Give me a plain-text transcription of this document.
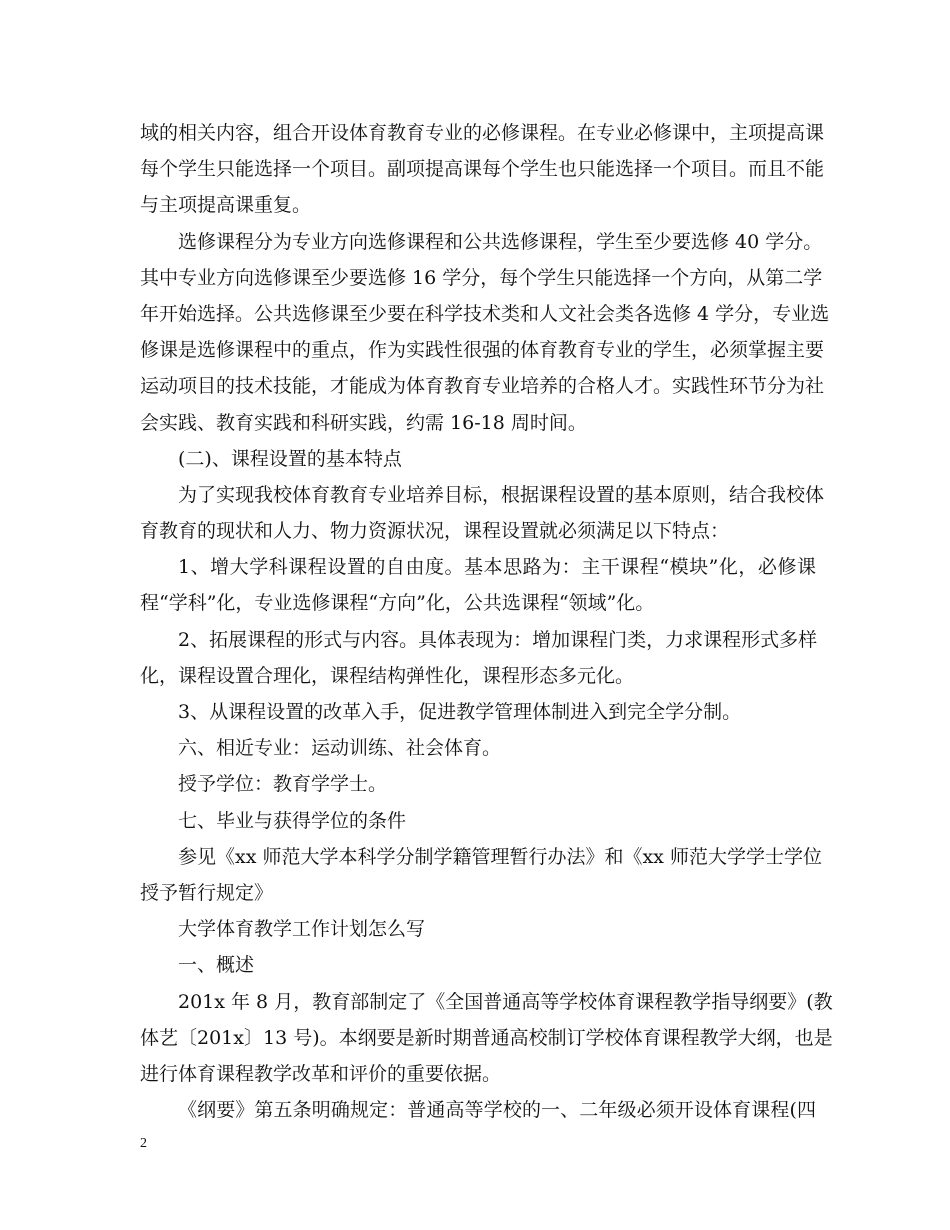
域的相关内容，组合开设体育教育专业的必修课程。在专业必修课中，主项提高课
每个学生只能选择一个项目。副项提高课每个学生也只能选择一个项目。而且不能
与主项提高课重复。
选修课程分为专业方向选修课程和公共选修课程，学生至少要选修 40 学分。
其中专业方向选修课至少要选修 16 学分，每个学生只能选择一个方向，从第二学
年开始选择。公共选修课至少要在科学技术类和人文社会类各选修 4 学分，专业选
修课是选修课程中的重点，作为实践性很强的体育教育专业的学生，必须掌握主要
运动项目的技术技能，才能成为体育教育专业培养的合格人才。实践性环节分为社
会实践、教育实践和科研实践，约需 16-18 周时间。
(二)、课程设置的基本特点
为了实现我校体育教育专业培养目标，根据课程设置的基本原则，结合我校体
育教育的现状和人力、物力资源状况，课程设置就必须满足以下特点：
1、增大学科课程设置的自由度。基本思路为：主干课程“模块”化，必修课
程“学科”化，专业选修课程“方向”化，公共选课程“领域”化。
2、拓展课程的形式与内容。具体表现为：增加课程门类，力求课程形式多样
化，课程设置合理化，课程结构弹性化，课程形态多元化。
3、从课程设置的改革入手，促进教学管理体制进入到完全学分制。
六、相近专业：运动训练、社会体育。
授予学位：教育学学士。
七、毕业与获得学位的条件
参见《xx 师范大学本科学分制学籍管理暂行办法》和《xx 师范大学学士学位
授予暂行规定》
大学体育教学工作计划怎么写
一、概述
201x 年 8 月，教育部制定了《全国普通高等学校体育课程教学指导纲要》(教
体艺〔201x〕13 号)。本纲要是新时期普通高校制订学校体育课程教学大纲，也是
进行体育课程教学改革和评价的重要依据。
《纲要》第五条明确规定：普通高等学校的一、二年级必须开设体育课程(四
2
